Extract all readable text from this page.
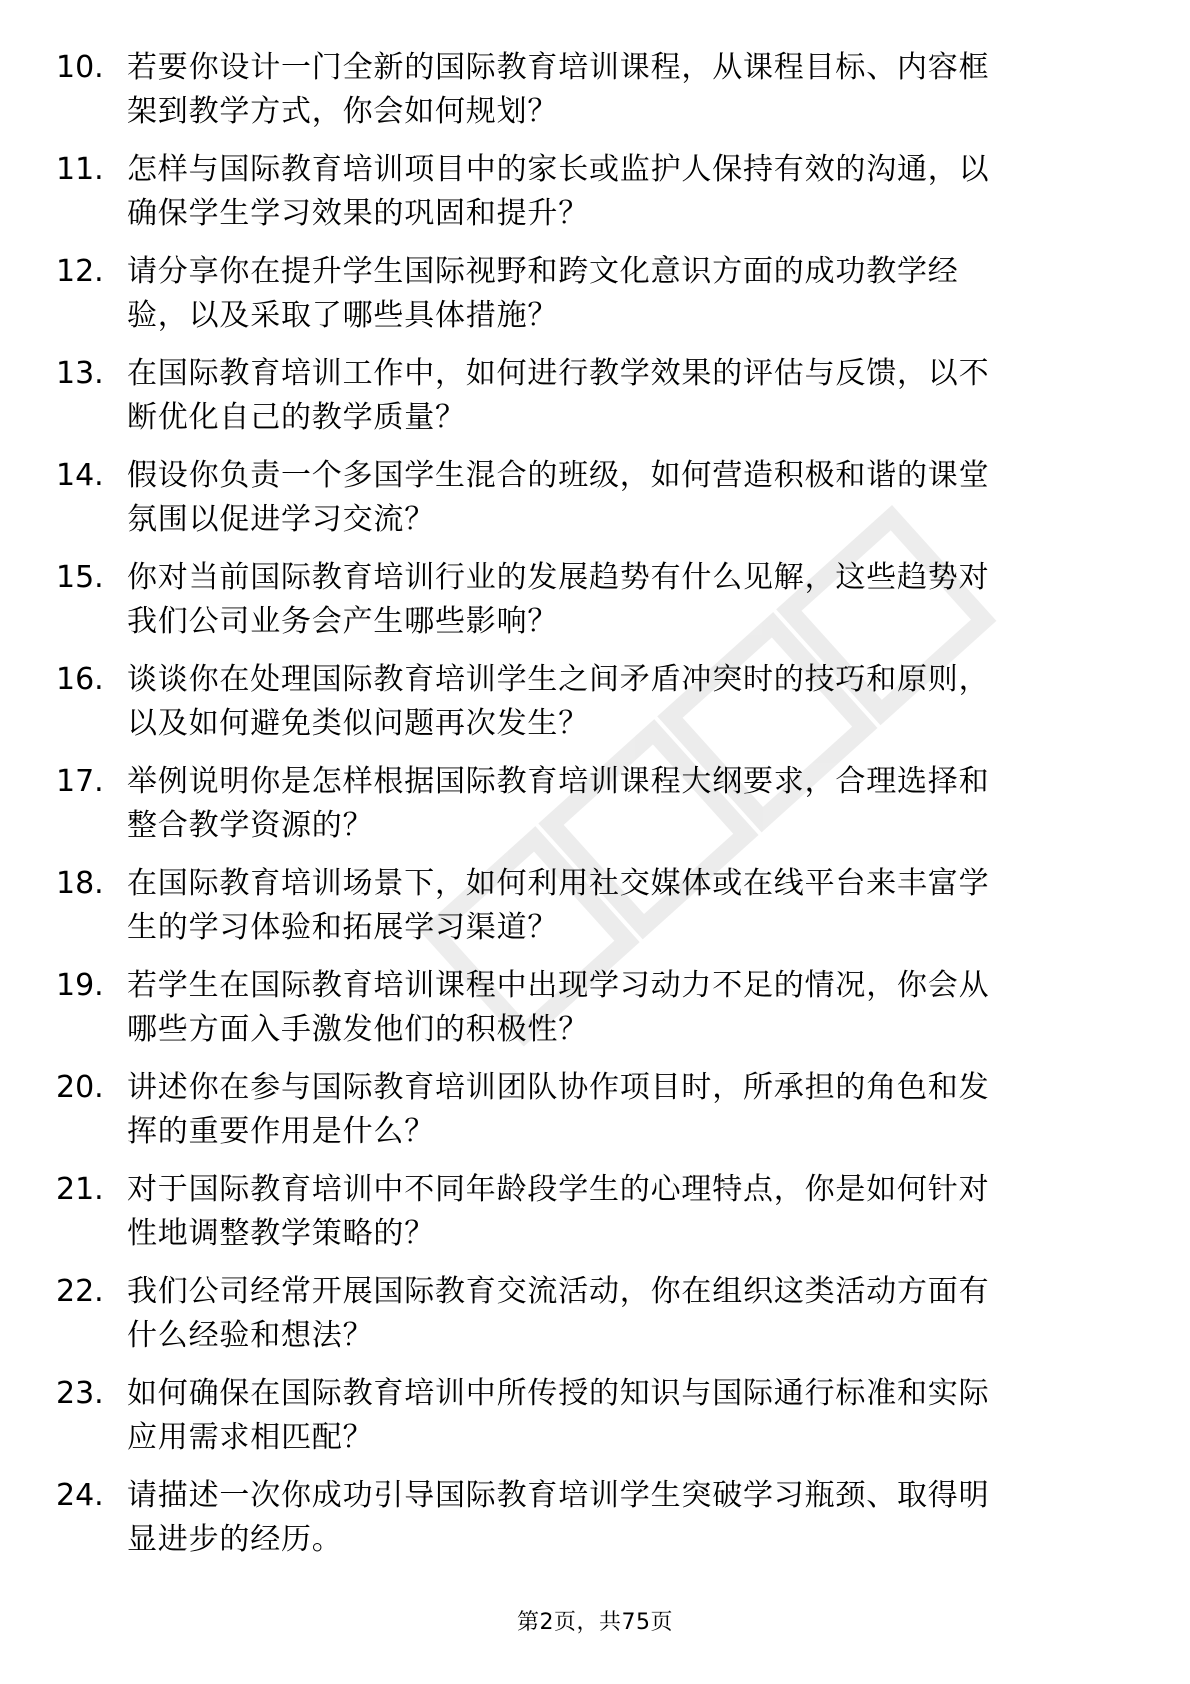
10. 若要你设计一门全新的国际教育培训课程，从课程目标、内容框
架到教学方式，你会如何规划？
11. 怎样与国际教育培训项目中的家长或监护人保持有效的沟通，以
确保学生学习效果的巩固和提升？
12. 请分享你在提升学生国际视野和跨文化意识方面的成功教学经
验，以及采取了哪些具体措施？
13. 在国际教育培训工作中，如何进行教学效果的评估与反馈，以不
断优化自己的教学质量？
14. 假设你负责一个多国学生混合的班级，如何营造积极和谐的课堂
氛围以促进学习交流？
15. 你对当前国际教育培训行业的发展趋势有什么见解，这些趋势对
我们公司业务会产生哪些影响？
16. 谈谈你在处理国际教育培训学生之间矛盾冲突时的技巧和原则，
以及如何避免类似问题再次发生？
17. 举例说明你是怎样根据国际教育培训课程大纲要求，合理选择和
整合教学资源的？
18. 在国际教育培训场景下，如何利用社交媒体或在线平台来丰富学
生的学习体验和拓展学习渠道？
19. 若学生在国际教育培训课程中出现学习动力不足的情况，你会从
哪些方面入手激发他们的积极性？
20. 讲述你在参与国际教育培训团队协作项目时，所承担的角色和发
挥的重要作用是什么？
21. 对于国际教育培训中不同年龄段学生的心理特点，你是如何针对
性地调整教学策略的？
22. 我们公司经常开展国际教育交流活动，你在组织这类活动方面有
什么经验和想法？
23. 如何确保在国际教育培训中所传授的知识与国际通行标准和实际
应用需求相匹配？
24. 请描述一次你成功引导国际教育培训学生突破学习瓶颈、取得明
显进步的经历。
第2页，共75页
